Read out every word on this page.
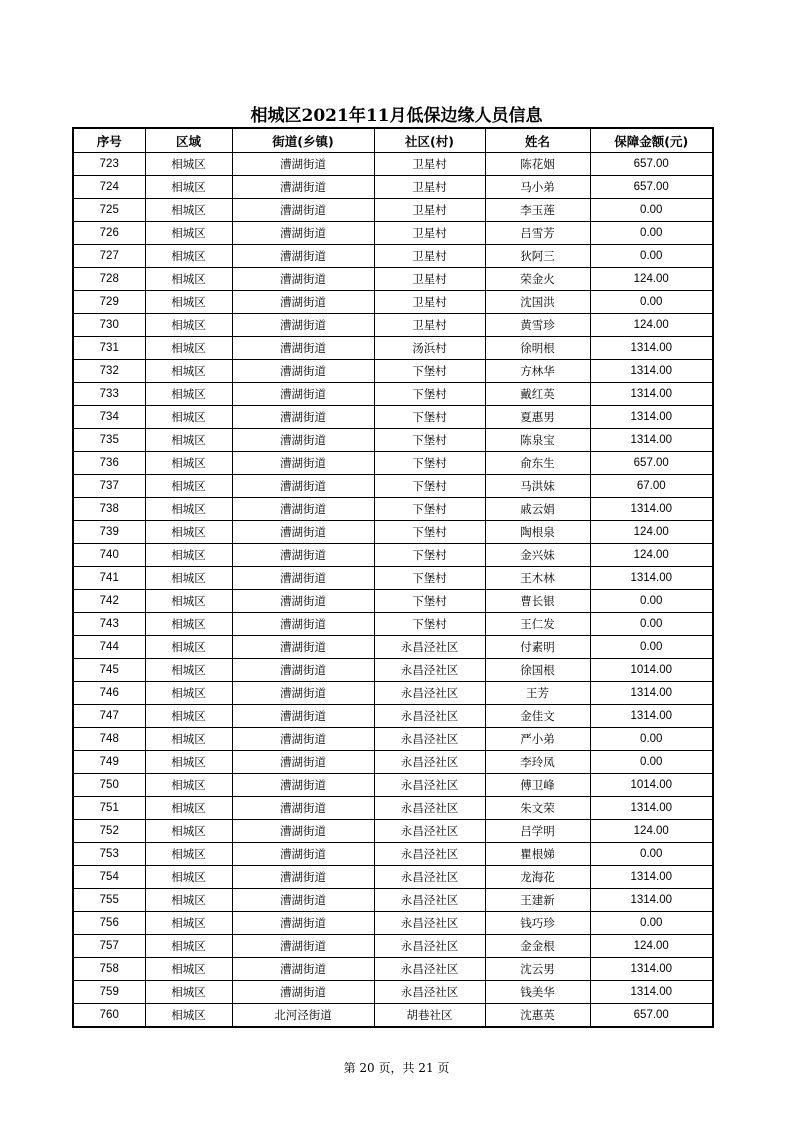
相城区2021年11月低保边缘人员信息
序号	区域	街道(乡镇)	社区(村)	姓名	保障金额(元)
723	相城区	漕湖街道	卫星村	陈花姻	657.00
724	相城区	漕湖街道	卫星村	马小弟	657.00
725	相城区	漕湖街道	卫星村	李玉莲	0.00
726	相城区	漕湖街道	卫星村	吕雪芳	0.00
727	相城区	漕湖街道	卫星村	狄阿三	0.00
728	相城区	漕湖街道	卫星村	荣金火	124.00
729	相城区	漕湖街道	卫星村	沈国洪	0.00
730	相城区	漕湖街道	卫星村	黄雪珍	124.00
731	相城区	漕湖街道	汤浜村	徐明根	1314.00
732	相城区	漕湖街道	下堡村	方林华	1314.00
733	相城区	漕湖街道	下堡村	戴红英	1314.00
734	相城区	漕湖街道	下堡村	夏惠男	1314.00
735	相城区	漕湖街道	下堡村	陈泉宝	1314.00
736	相城区	漕湖街道	下堡村	俞东生	657.00
737	相城区	漕湖街道	下堡村	马洪妹	67.00
738	相城区	漕湖街道	下堡村	戚云娟	1314.00
739	相城区	漕湖街道	下堡村	陶根泉	124.00
740	相城区	漕湖街道	下堡村	金兴妹	124.00
741	相城区	漕湖街道	下堡村	王木林	1314.00
742	相城区	漕湖街道	下堡村	曹长银	0.00
743	相城区	漕湖街道	下堡村	王仁发	0.00
744	相城区	漕湖街道	永昌泾社区	付素明	0.00
745	相城区	漕湖街道	永昌泾社区	徐国根	1014.00
746	相城区	漕湖街道	永昌泾社区	王芳	1314.00
747	相城区	漕湖街道	永昌泾社区	金佳文	1314.00
748	相城区	漕湖街道	永昌泾社区	严小弟	0.00
749	相城区	漕湖街道	永昌泾社区	李玲凤	0.00
750	相城区	漕湖街道	永昌泾社区	傅卫峰	1014.00
751	相城区	漕湖街道	永昌泾社区	朱文荣	1314.00
752	相城区	漕湖街道	永昌泾社区	吕学明	124.00
753	相城区	漕湖街道	永昌泾社区	瞿根娣	0.00
754	相城区	漕湖街道	永昌泾社区	龙海花	1314.00
755	相城区	漕湖街道	永昌泾社区	王建新	1314.00
756	相城区	漕湖街道	永昌泾社区	钱巧珍	0.00
757	相城区	漕湖街道	永昌泾社区	金金根	124.00
758	相城区	漕湖街道	永昌泾社区	沈云男	1314.00
759	相城区	漕湖街道	永昌泾社区	钱美华	1314.00
760	相城区	北河泾街道	胡巷社区	沈惠英	657.00
第 20 页，共 21 页
